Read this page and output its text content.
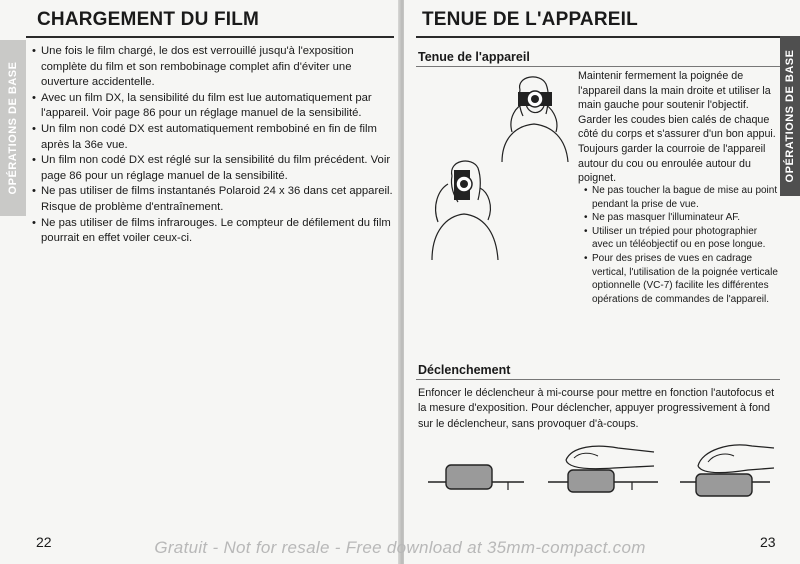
OPÉRATIONS DE BASE
CHARGEMENT DU FILM
• Une fois le film chargé, le dos est verrouillé jusqu'à l'exposition complète du film et son rembobinage complet afin d'éviter une ouverture accidentelle.
• Avec un film DX, la sensibilité du film est lue automatiquement par l'appareil. Voir page 86 pour un réglage manuel de la sensibilité.
• Un film non codé DX est automatiquement rembobiné en fin de film après la 36e vue.
• Un film non codé DX est réglé sur la sensibilité du film précédent. Voir page 86 pour un réglage manuel de la sensibilité.
• Ne pas utiliser de films instantanés Polaroid 24 x 36 dans cet appareil. Risque de problème d'entraînement.
• Ne pas utiliser de films infrarouges. Le compteur de défilement du film pourrait en effet voiler ceux-ci.
22
TENUE DE L'APPAREIL
OPÉRATIONS DE BASE
Tenue de l'appareil
Maintenir fermement la poignée de l'appareil dans la main droite et utiliser la main gauche pour soutenir l'objectif. Garder les coudes bien calés de chaque côté du corps et s'assurer d'un bon appui. Toujours garder la courroie de l'appareil autour du cou ou enroulée autour du poignet.
• Ne pas toucher la bague de mise au point pendant la prise de vue.
• Ne pas masquer l'illuminateur AF.
• Utiliser un trépied pour photographier avec un téléobjectif ou en pose longue.
• Pour des prises de vues en cadrage vertical, l'utilisation de la poignée verticale optionnelle (VC-7) facilite les différentes opérations de commandes de l'appareil.
Déclenchement
Enfoncer le déclencheur à mi-course pour mettre en fonction l'autofocus et la mesure d'exposition. Pour déclencher, appuyer progressivement à fond sur le déclencheur, sans provoquer d'à-coups.
23
Gratuit - Not for resale - Free download at 35mm-compact.com
